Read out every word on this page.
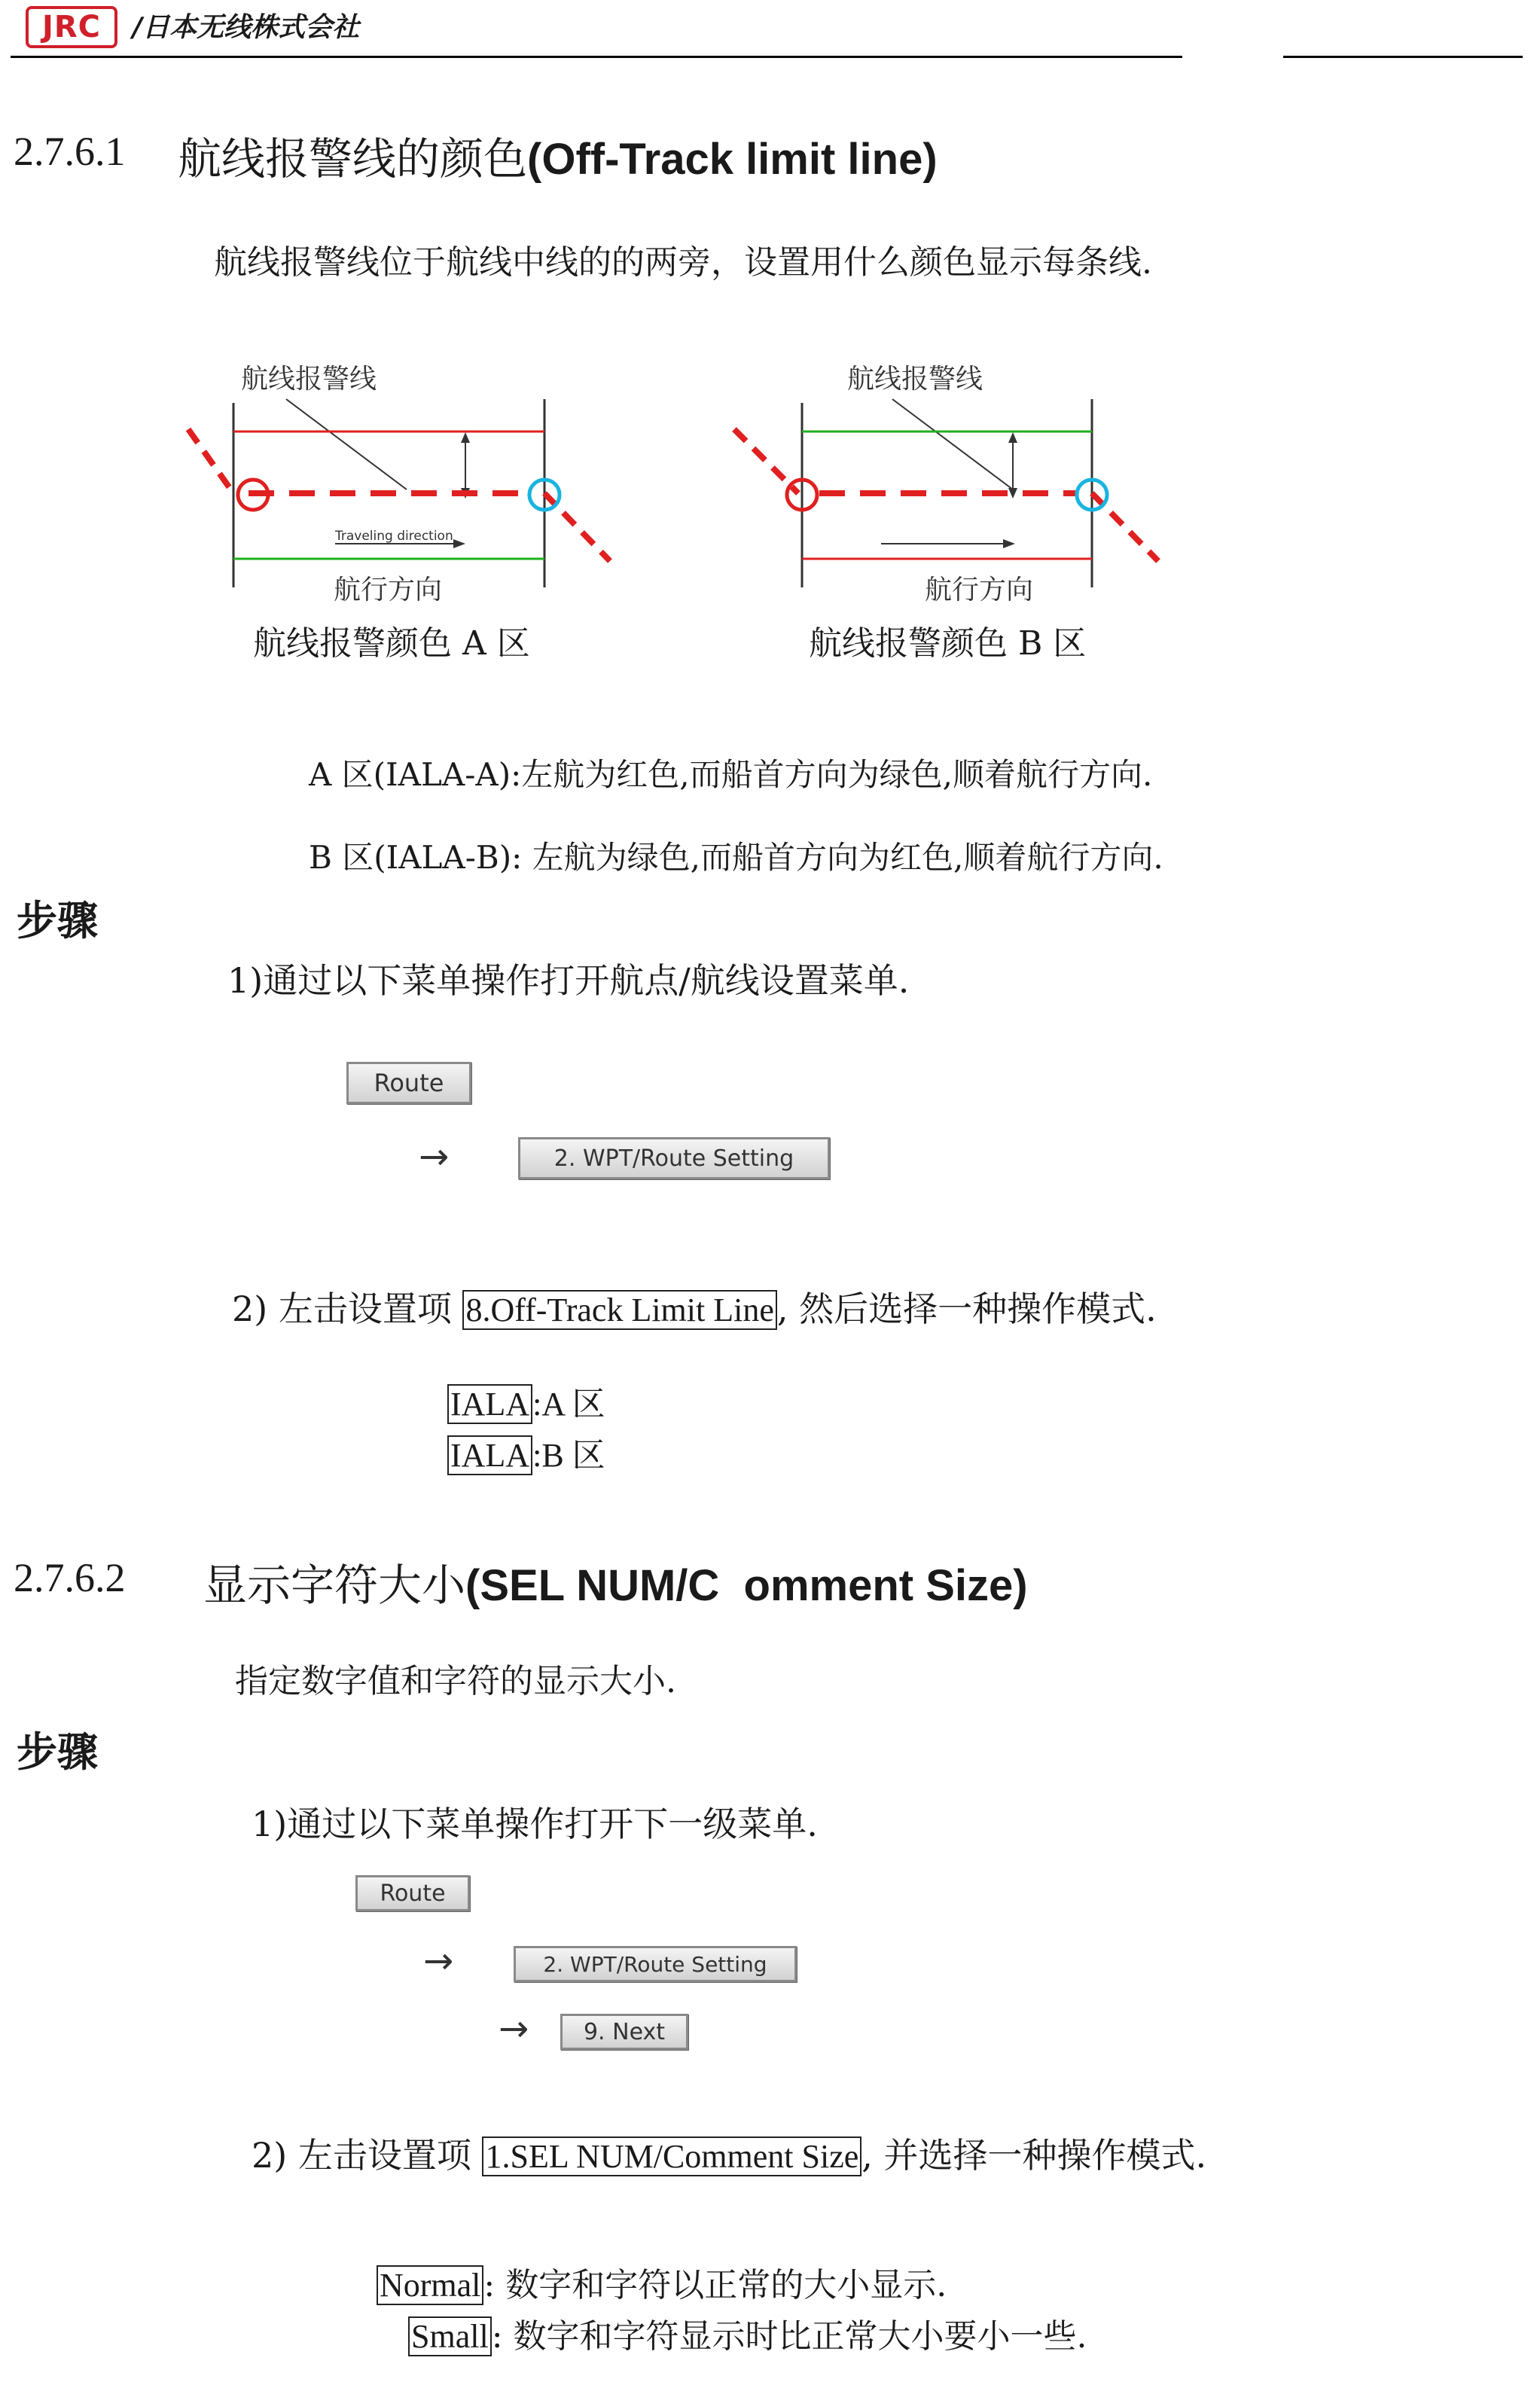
JRC /日本无线株式会社
2.7.6.1 航线报警线的颜色(Off-Track limit line)
航线报警线位于航线中线的的两旁，设置用什么颜色显示每条线.
航线报警线
Traveling direction
航行方向
航线报警颜色 A 区
航线报警线
航行方向
航线报警颜色 B 区
A 区(IALA-A):左航为红色,而船首方向为绿色,顺着航行方向.
B 区(IALA-B): 左航为绿色,而船首方向为红色,顺着航行方向.
步骤
1)通过以下菜单操作打开航点/航线设置菜单.
Route
→	2. WPT/Route Setting
2) 左击设置项 8.Off-Track Limit Line, 然后选择一种操作模式.
IALA:A 区
IALA:B 区
2.7.6.2 显示字符大小(SEL NUM/C  omment Size)
指定数字值和字符的显示大小.
步骤
1)通过以下菜单操作打开下一级菜单.
Route
→	2. WPT/Route Setting
→	9. Next
2) 左击设置项 1.SEL NUM/Comment Size, 并选择一种操作模式.
Normal: 数字和字符以正常的大小显示.
Small: 数字和字符显示时比正常大小要小一些.
